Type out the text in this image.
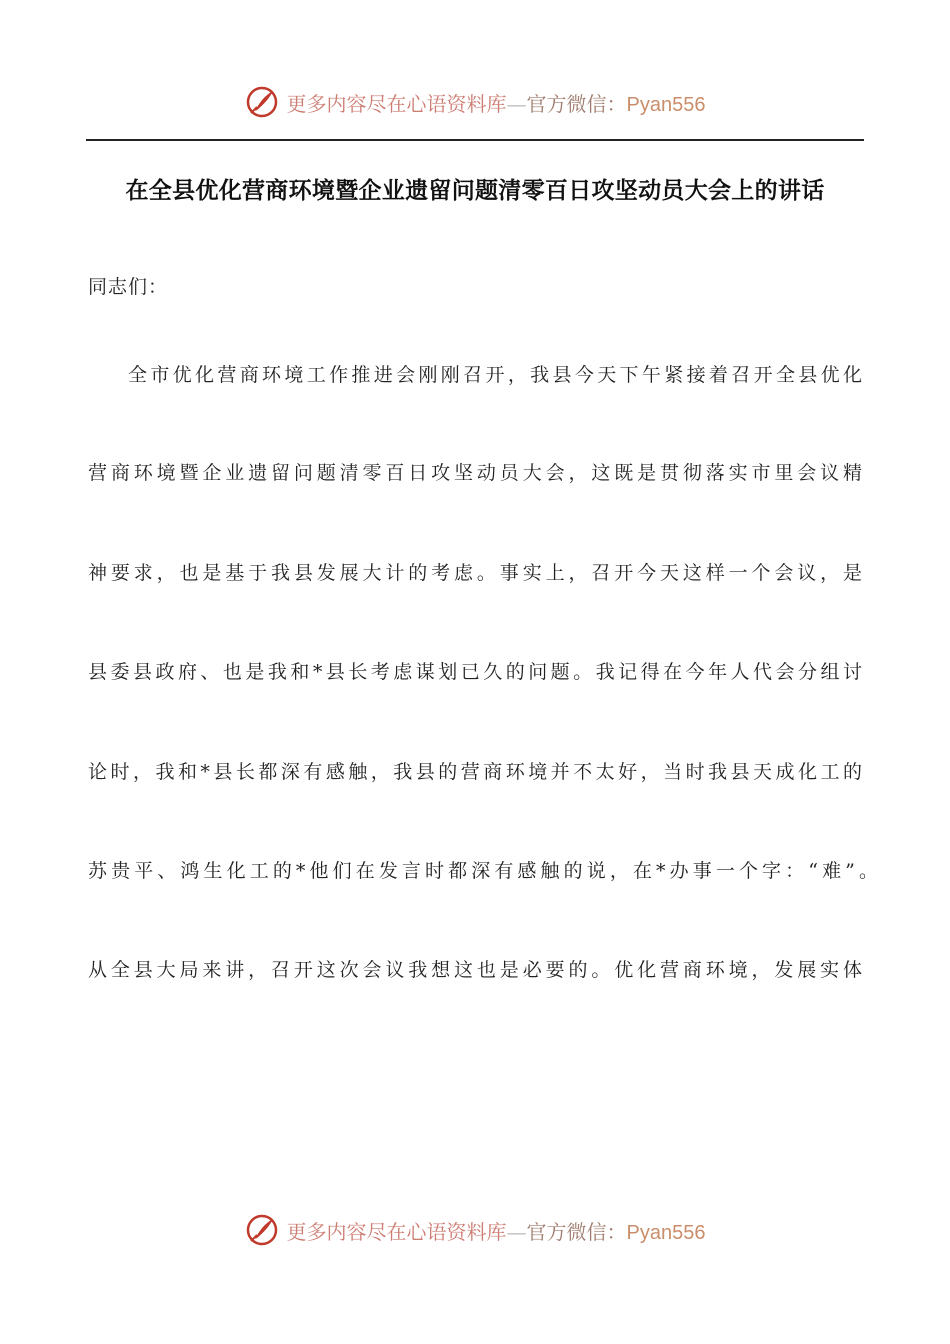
更多内容尽在心语资料库—官方微信：Pyan556
在全县优化营商环境暨企业遗留问题清零百日攻坚动员大会上的讲话
同志们：
全市优化营商环境工作推进会刚刚召开，我县今天下午紧接着召开全县优化
营商环境暨企业遗留问题清零百日攻坚动员大会，这既是贯彻落实市里会议精
神要求，也是基于我县发展大计的考虑。事实上，召开今天这样一个会议，是
县委县政府、也是我和*县长考虑谋划已久的问题。我记得在今年人代会分组讨
论时，我和*县长都深有感触，我县的营商环境并不太好，当时我县天成化工的
苏贵平、鸿生化工的*他们在发言时都深有感触的说，在*办事一个字：“难”。
从全县大局来讲，召开这次会议我想这也是必要的。优化营商环境，发展实体
更多内容尽在心语资料库—官方微信：Pyan556
